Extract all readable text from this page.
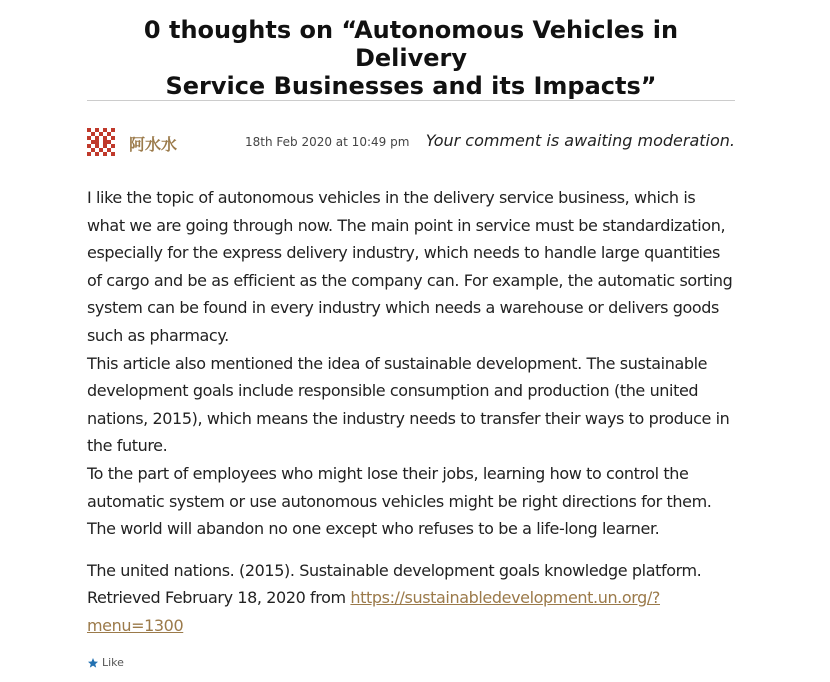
0 thoughts on “Autonomous Vehicles in Delivery
Service Businesses and its Impacts”
阿水水	18th Feb 2020 at 10:49 pm Your comment is awaiting moderation.

I like the topic of autonomous vehicles in the delivery service business, which is what we are going through now. The main point in service must be standardization, especially for the express delivery industry, which needs to handle large quantities of cargo and be as efficient as the company can. For example, the automatic sorting system can be found in every industry which needs a warehouse or delivers goods such as pharmacy.

This article also mentioned the idea of sustainable development. The sustainable development goals include responsible consumption and production (the united nations, 2015), which means the industry needs to transfer their ways to produce in the future.

To the part of employees who might lose their jobs, learning how to control the automatic system or use autonomous vehicles might be right directions for them. The world will abandon no one except who refuses to be a life-long learner.

The united nations. (2015). Sustainable development goals knowledge platform. Retrieved February 18, 2020 from https://sustainabledevelopment.un.org/?menu=1300

Like
